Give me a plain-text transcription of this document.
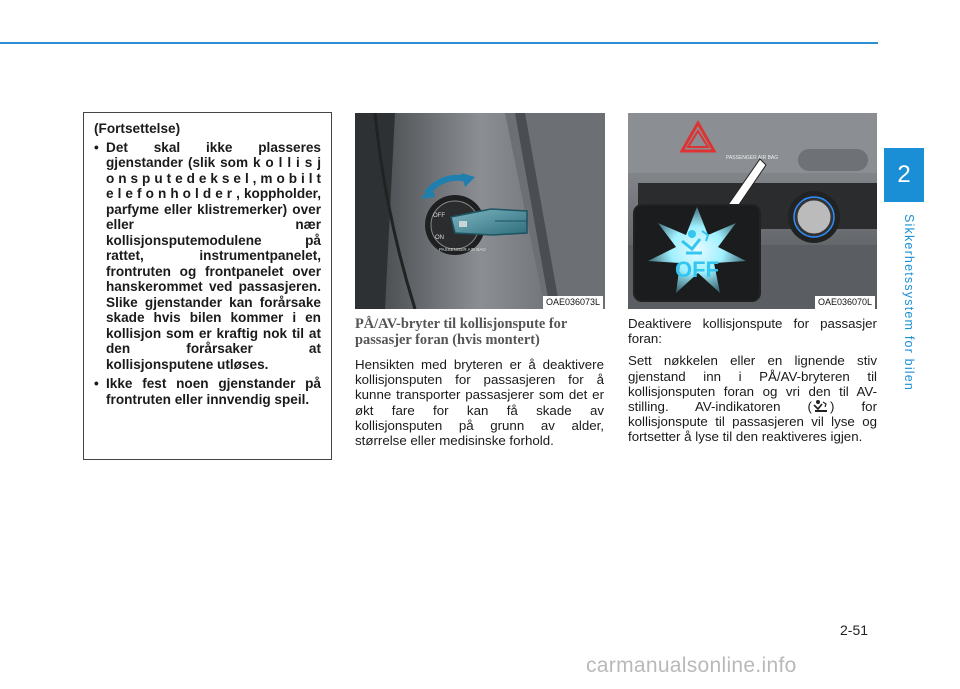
2
Sikkerhetssystem for bilen
(Fortsettelse)
• Det skal ikke plasseres gjenstander (slik som k o l l i s j o n s p u t e d e k s e l , m o b i l t e l e f o n h o l d e r , koppholder, parfyme eller klistremerker) over eller nær kollisjonsputemodulene på rattet, instrumentpanelet, frontruten og frontpanelet over hanskerommet ved passasjeren. Slike gjenstander kan forårsake skade hvis bilen kommer i en kollisjon som er kraftig nok til at den forårsaker at kollisjonsputene utløses.
• Ikke fest noen gjenstander på frontruten eller innvendig speil.
OFF
ON
PASSENGER AIR BAG
OAE036073L
PASSENGER AIR BAG
OFF
OAE036070L
PÅ/AV-bryter til kollisjonspute for passasjer foran (hvis montert)

Hensikten med bryteren er å deaktivere kollisjonsputen for passasjeren for å kunne transporter passasjerer som det er økt fare for kan få skade av kollisjonsputen på grunn av alder, størrelse eller medisinske forhold.

Deaktivere kollisjonspute for passasjer foran:

Sett nøkkelen eller en lignende stiv gjenstand inn i PÅ/AV-bryteren til kollisjonsputen foran og vri den til AV-stilling. AV-indikatoren ( ) for kollisjonspute til passasjeren vil lyse og fortsetter å lyse til den reaktiveres igjen.

2-51
carmanualsonline.info
